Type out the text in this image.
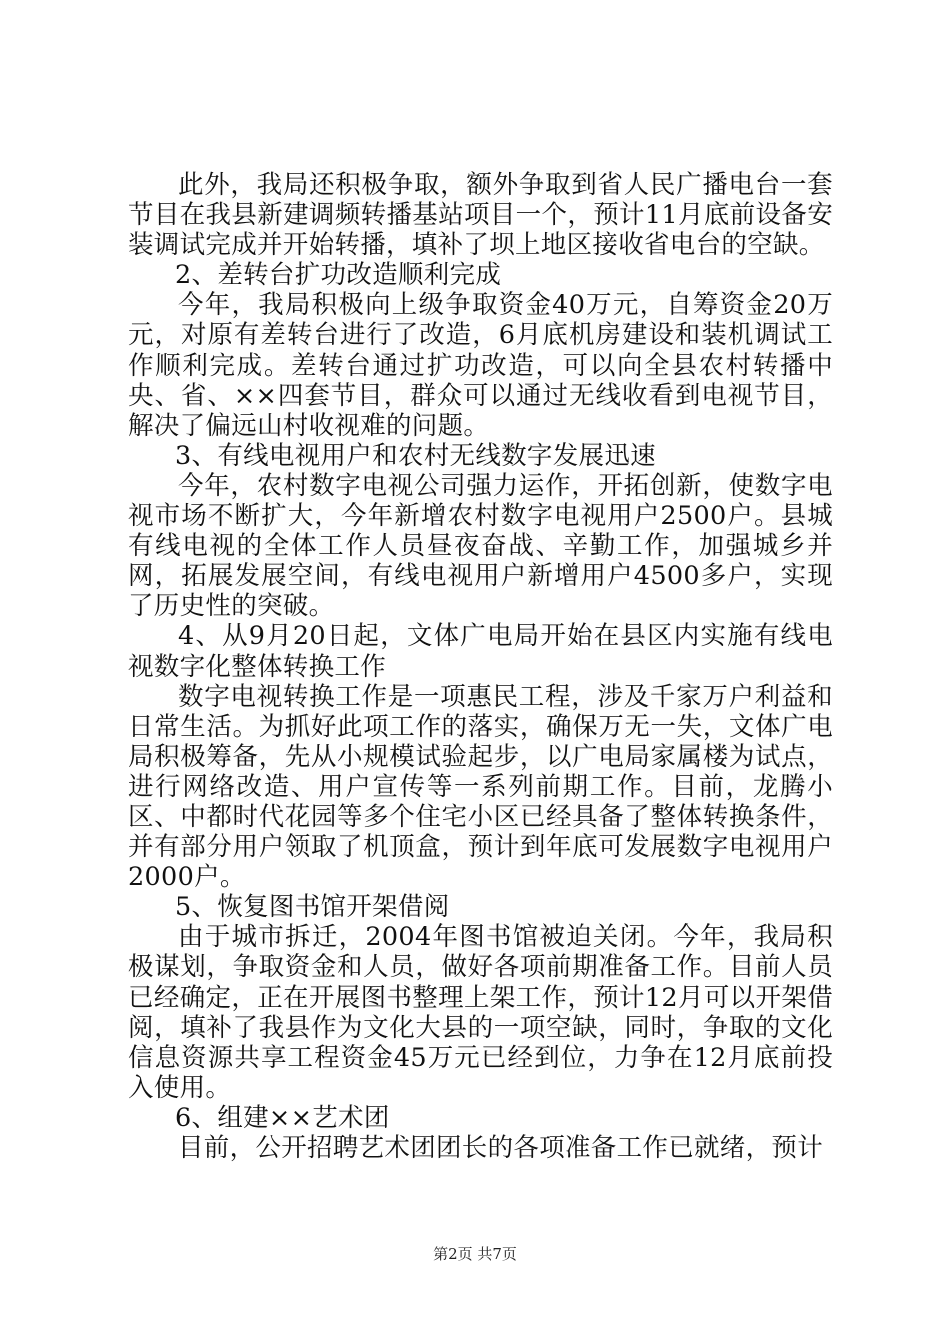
此外，我局还积极争取，额外争取到省人民广播电台一套节目在我县新建调频转播基站项目一个，预计11月底前设备安装调试完成并开始转播，填补了坝上地区接收省电台的空缺。

2、差转台扩功改造顺利完成

今年，我局积极向上级争取资金40万元，自筹资金20万元，对原有差转台进行了改造，6月底机房建设和装机调试工作顺利完成。差转台通过扩功改造，可以向全县农村转播中央、省、××四套节目，群众可以通过无线收看到电视节目，解决了偏远山村收视难的问题。

3、有线电视用户和农村无线数字发展迅速

今年，农村数字电视公司强力运作，开拓创新，使数字电视市场不断扩大，今年新增农村数字电视用户2500户。县城有线电视的全体工作人员昼夜奋战、辛勤工作，加强城乡并网，拓展发展空间，有线电视用户新增用户4500多户，实现了历史性的突破。

4、从9月20日起，文体广电局开始在县区内实施有线电视数字化整体转换工作

数字电视转换工作是一项惠民工程，涉及千家万户利益和日常生活。为抓好此项工作的落实，确保万无一失，文体广电局积极筹备，先从小规模试验起步，以广电局家属楼为试点，进行网络改造、用户宣传等一系列前期工作。目前，龙腾小区、中都时代花园等多个住宅小区已经具备了整体转换条件，并有部分用户领取了机顶盒，预计到年底可发展数字电视用户2000户。

5、恢复图书馆开架借阅

由于城市拆迁，2004年图书馆被迫关闭。今年，我局积极谋划，争取资金和人员，做好各项前期准备工作。目前人员已经确定，正在开展图书整理上架工作，预计12月可以开架借阅，填补了我县作为文化大县的一项空缺，同时，争取的文化信息资源共享工程资金45万元已经到位，力争在12月底前投入使用。

6、组建××艺术团

目前，公开招聘艺术团团长的各项准备工作已就绪，预计

第2页 共7页
